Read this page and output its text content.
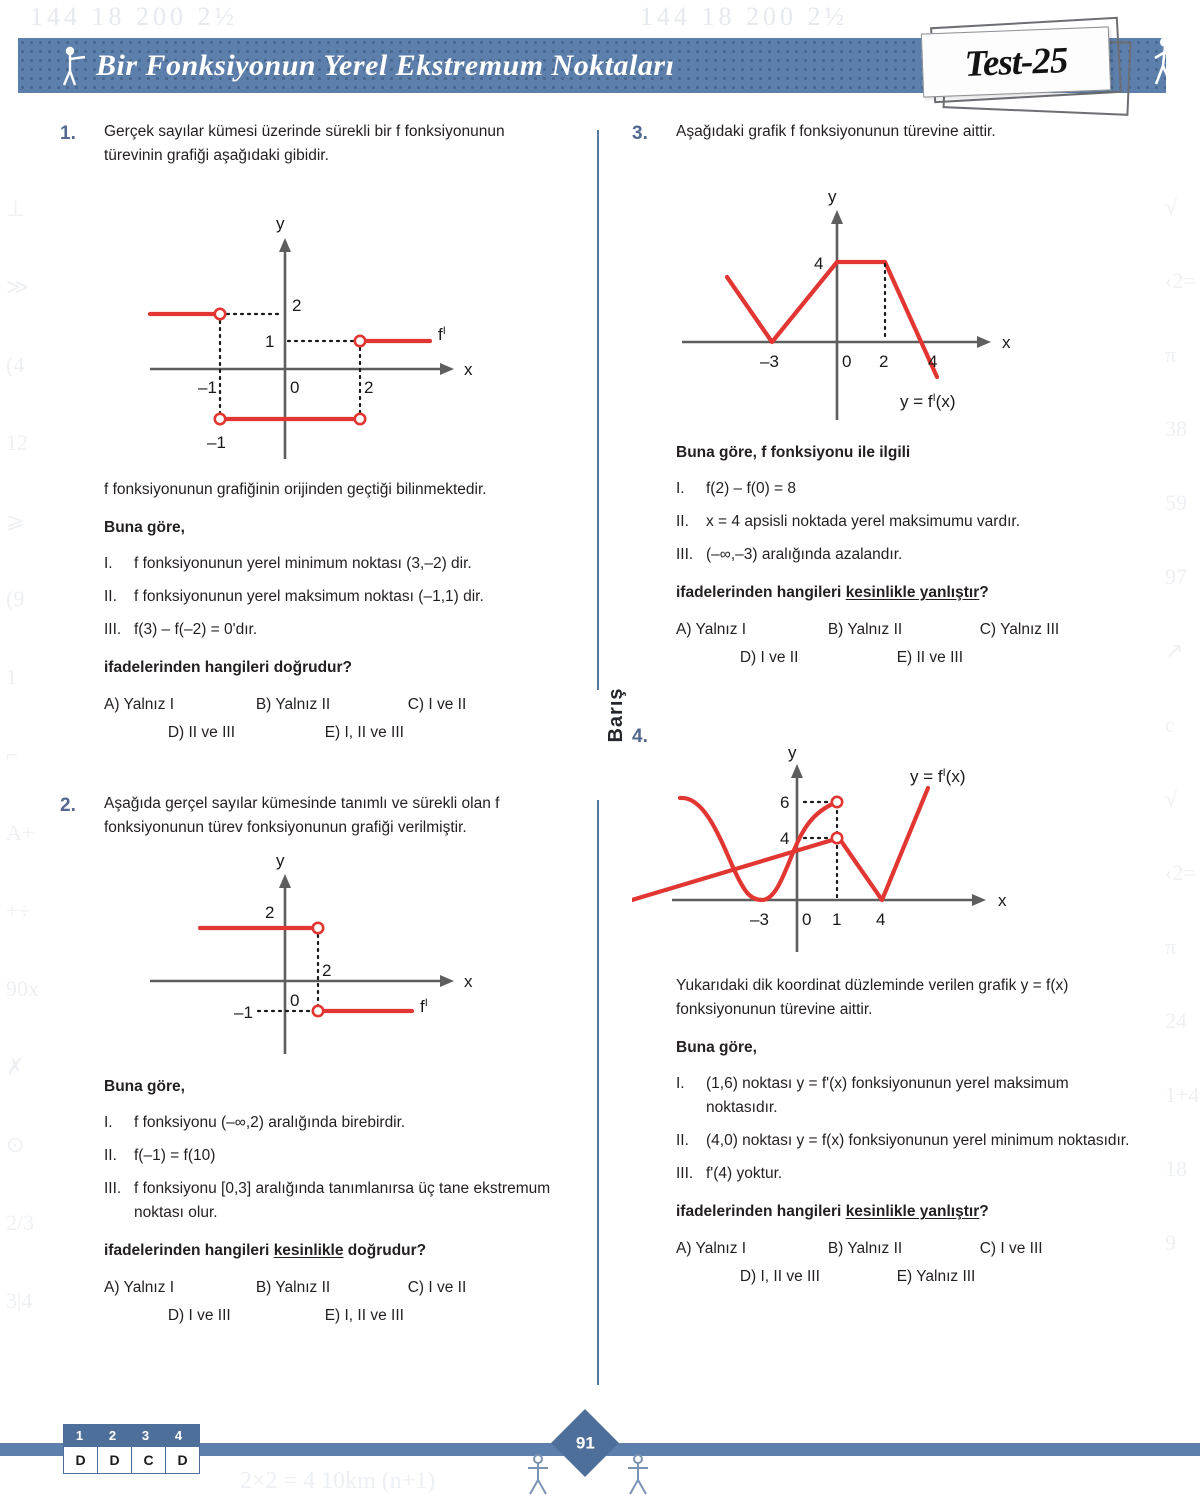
144 18 200 2½	144 18 200 2½
⊥
≫
(4
12
⩾
(9
1
⌐
A+
+÷
90x
✗
⊙
2/3
3|4
√
‹2=
π
38
59
97
↗
c
√
‹2=
π
24
1+4
18
9
2×2 = 4 10km (n+1)
Bir Fonksiyonun Yerel Ekstremum Noktaları	Test-25
Barış
1.	Gerçek sayılar kümesi üzerinde sürekli bir f fonksiyonunun türevinin grafiği aşağıdaki gibidir.
x
y
2
1
–1	0	2
–1
$f^I$
f fonksiyonunun grafiğinin orijinden geçtiği bilinmektedir.
Buna göre,
I.	f fonksiyonunun yerel minimum noktası (3,–2) dir.
II.	f fonksiyonunun yerel maksimum noktası (–1,1) dir.
III. f(3) – f(–2) = 0'dır.
ifadelerinden hangileri doğrudur?
A) Yalnız I	B) Yalnız II	C) I ve II
D) II ve III	E) I, II ve III
2.	Aşağıda gerçel sayılar kümesinde tanımlı ve sürekli olan f fonksiyonunun türev fonksiyonunun grafiği verilmiştir.
x
y
2
2
0
–1	$f^I$
Buna göre,
I.	f fonksiyonu (–∞,2) aralığında birebirdir.
II.	f(–1) = f(10)
III. f fonksiyonu [0,3] aralığında tanımlanırsa üç tane ekstremum noktası olur.
ifadelerinden hangileri kesinlikle doğrudur?
A) Yalnız I	B) Yalnız II	C) I ve II
D) I ve III	E) I, II ve III
3.	Aşağıdaki grafik f fonksiyonunun türevine aittir.
x
y
4
–3	0 2 4
$y = f^I(x)$
Buna göre, f fonksiyonu ile ilgili
I.	f(2) – f(0) = 8
II.	x = 4 apsisli noktada yerel maksimumu vardır.
III. (–∞,–3) aralığında azalandır.
ifadelerinden hangileri kesinlikle yanlıştır?
A) Yalnız I	B) Yalnız II	C) Yalnız III
D) I ve II	E) II ve III
4.
x
y
6
4
–3 0 1 4
$y = f^I(x)$
Yukarıdaki dik koordinat düzleminde verilen grafik y = f(x) fonksiyonunun türevine aittir.
Buna göre,
I.	(1,6) noktası y = f'(x) fonksiyonunun yerel maksimum noktasıdır.
II.	(4,0) noktası y = f(x) fonksiyonunun yerel minimum noktasıdır.
III. f'(4) yoktur.
ifadelerinden hangileri kesinlikle yanlıştır?
A) Yalnız I	B) Yalnız II	C) I ve III
D) I, II ve III	E) Yalnız III
1	2	3	4
D	D	C	D
91
